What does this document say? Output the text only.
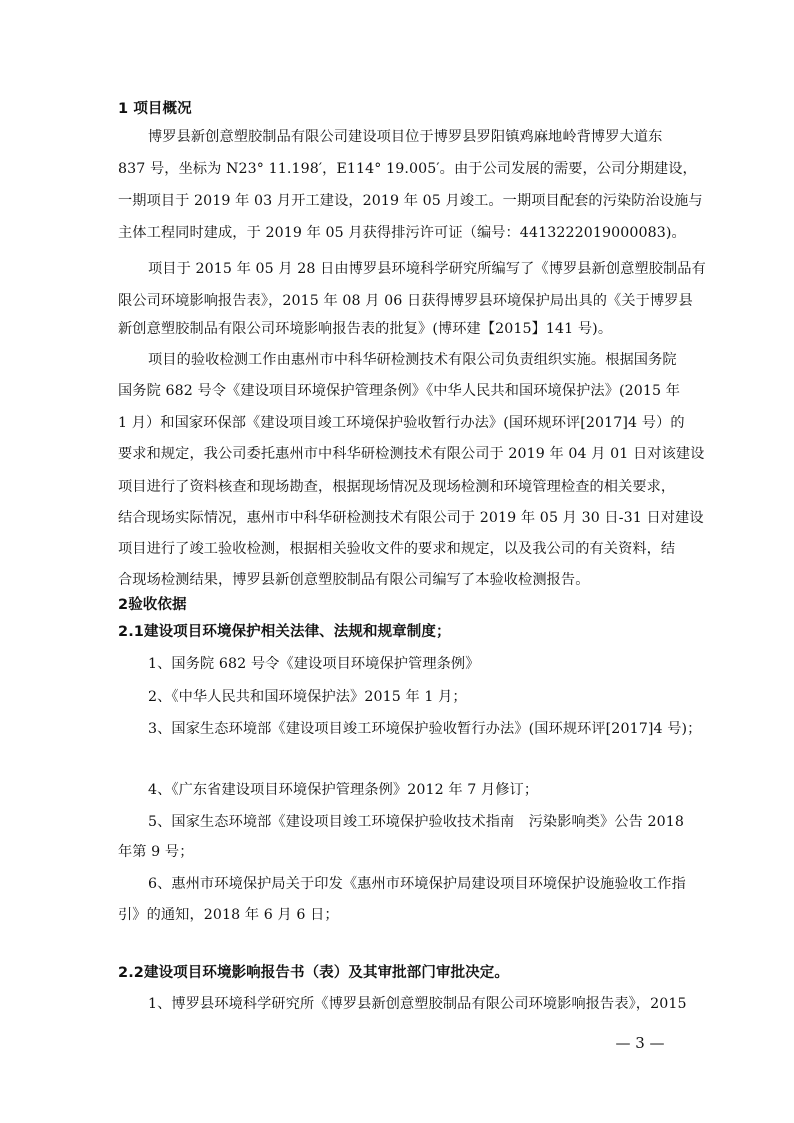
1 项目概况
博罗县新创意塑胶制品有限公司建设项目位于博罗县罗阳镇鸡麻地岭背博罗大道东
837 号，坐标为 N23° 11.198′，E114° 19.005′。由于公司发展的需要，公司分期建设，
一期项目于 2019 年 03 月开工建设，2019 年 05 月竣工。一期项目配套的污染防治设施与
主体工程同时建成，于 2019 年 05 月获得排污许可证（编号：4413222019000083)。
项目于 2015 年 05 月 28 日由博罗县环境科学研究所编写了《博罗县新创意塑胶制品有
限公司环境影响报告表》，2015 年 08 月 06 日获得博罗县环境保护局出具的《关于博罗县
新创意塑胶制品有限公司环境影响报告表的批复》(博环建【2015】141 号)。
项目的验收检测工作由惠州市中科华研检测技术有限公司负责组织实施。根据国务院
国务院 682 号令《建设项目环境保护管理条例》《中华人民共和国环境保护法》(2015 年
1 月）和国家环保部《建设项目竣工环境保护验收暂行办法》(国环规环评[2017]4 号）的
要求和规定，我公司委托惠州市中科华研检测技术有限公司于 2019 年 04 月 01 日对该建设
项目进行了资料核查和现场勘查，根据现场情况及现场检测和环境管理检查的相关要求，
结合现场实际情况，惠州市中科华研检测技术有限公司于 2019 年 05 月 30 日-31 日对建设
项目进行了竣工验收检测，根据相关验收文件的要求和规定，以及我公司的有关资料，结
合现场检测结果，博罗县新创意塑胶制品有限公司编写了本验收检测报告。
2验收依据
2.1建设项目环境保护相关法律、法规和规章制度；
1、国务院 682 号令《建设项目环境保护管理条例》
2、《中华人民共和国环境保护法》2015 年 1 月；
3、国家生态环境部《建设项目竣工环境保护验收暂行办法》(国环规环评[2017]4 号)；
4、《广东省建设项目环境保护管理条例》2012 年 7 月修订；
5、国家生态环境部《建设项目竣工环境保护验收技术指南　污染影响类》公告 2018
年第 9 号；
6、惠州市环境保护局关于印发《惠州市环境保护局建设项目环境保护设施验收工作指
引》的通知，2018 年 6 月 6 日；
2.2建设项目环境影响报告书（表）及其审批部门审批决定。
1、博罗县环境科学研究所《博罗县新创意塑胶制品有限公司环境影响报告表》，2015
— 3 —
